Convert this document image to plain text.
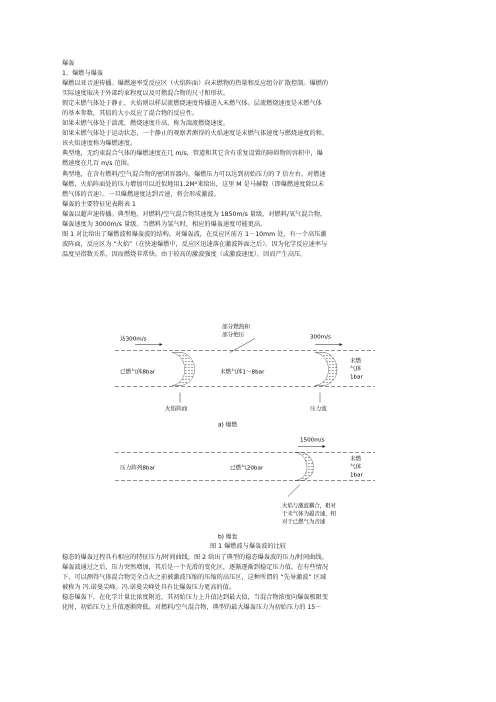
爆轰
1、爆燃与爆轰
爆燃以亚音速传播。爆燃速率受反应区（火焰阵面）向未燃物的热量和反应组分扩散控制。爆燃的
实际速度取决于外部约束程度以及可燃混合物的尺寸和形状。
假定未燃气体处于静止，火焰则以样层流燃烧速度传播进入未燃气体。层流燃烧速度是未燃气体
的基本参数，其值的大小反应了混合物的反应性。
如果未燃气体处于湍流，燃烧速度升高，称为湍流燃烧速度。
如果未燃气体处于运动状态，一个静止的观察者测得的火焰速度是未燃气体速度与燃烧速度的和，
该火焰速度称为爆燃速度。
典型地，无约束混合气体的爆燃速度在几 m/s，管道和其它含有重复设置的障碍物的容积中，爆
燃速度在几百 m/s 范围。
典型地，在含有燃料/空气混合物的密闭容器内，爆燃压力可以达到初始压力的 7 倍左右。对燃速
爆燃，火焰阵面处的压力增加可以近似地用1.2M²来给出，这里 M 是马赫数（即爆燃速度除以未
燃气体的音速）。一旦爆燃速度达到音速，将会形成激波。
爆轰的主要特征见表附表 1
爆轰以超声速传播。典型地，对燃料/空气混合物其速度为 1850m/s 量级，对燃料/氧气混合物，
爆轰速度为 3000m/s 量级。当燃料为氢气时，相应的爆轰速度可能更高。
图 1 对比给出了爆燃波和爆轰波的结构。对爆轰波，在反应区前方 1－10mm 处，有一个高压激
波阵面，反应区为 “火焰”（在快速爆燃中，反应区迅速落在激波阵面之后）。因为化学反应速率与
温度呈指数关系，因而燃烧非常快。由于较高的激波强度（或激波速度），因而产生高压。
达300m/s
部分燃热和
部分绝压	300m/s
已燃气体8bar	未燃气体1～8bar
未燃
气体
1bar
火焰阵面	压力波
a) 爆燃
1500m/s
压力阵列8bar	已燃气20bar
未燃
气体
1bar
火焰与激波耦合，相对
于未气体为超音速，相
对于已燃气为音速
b) 爆轰
图 1 爆燃波与爆轰波的比较
稳态的爆轰过程具有相应的特征压力/时间曲线，图 2 给出了典型的稳态爆轰波的压力/时间曲线。
爆轰波通过之后，压力突然增加，其后是一个光滑的变化区，逐渐逐渐到稳定压力值。在有些情况
下，可以测得气体混合物完全点火之前被激波压缩的压缩的高压区，这种所谓的 “先导激波” 区域
被称为 冯.诺曼尖峰。冯.诺曼尖峰处具有比爆轰压力更高的值。
稳态爆轰下，在化学计量比浓度附近，其初始压力上升值达到最大值，当混合物浓度向爆轰极限变
化时，初始压力上升值逐渐降低。对燃料/空气混合物，典型的最大爆轰压力为初始压力的 15－
